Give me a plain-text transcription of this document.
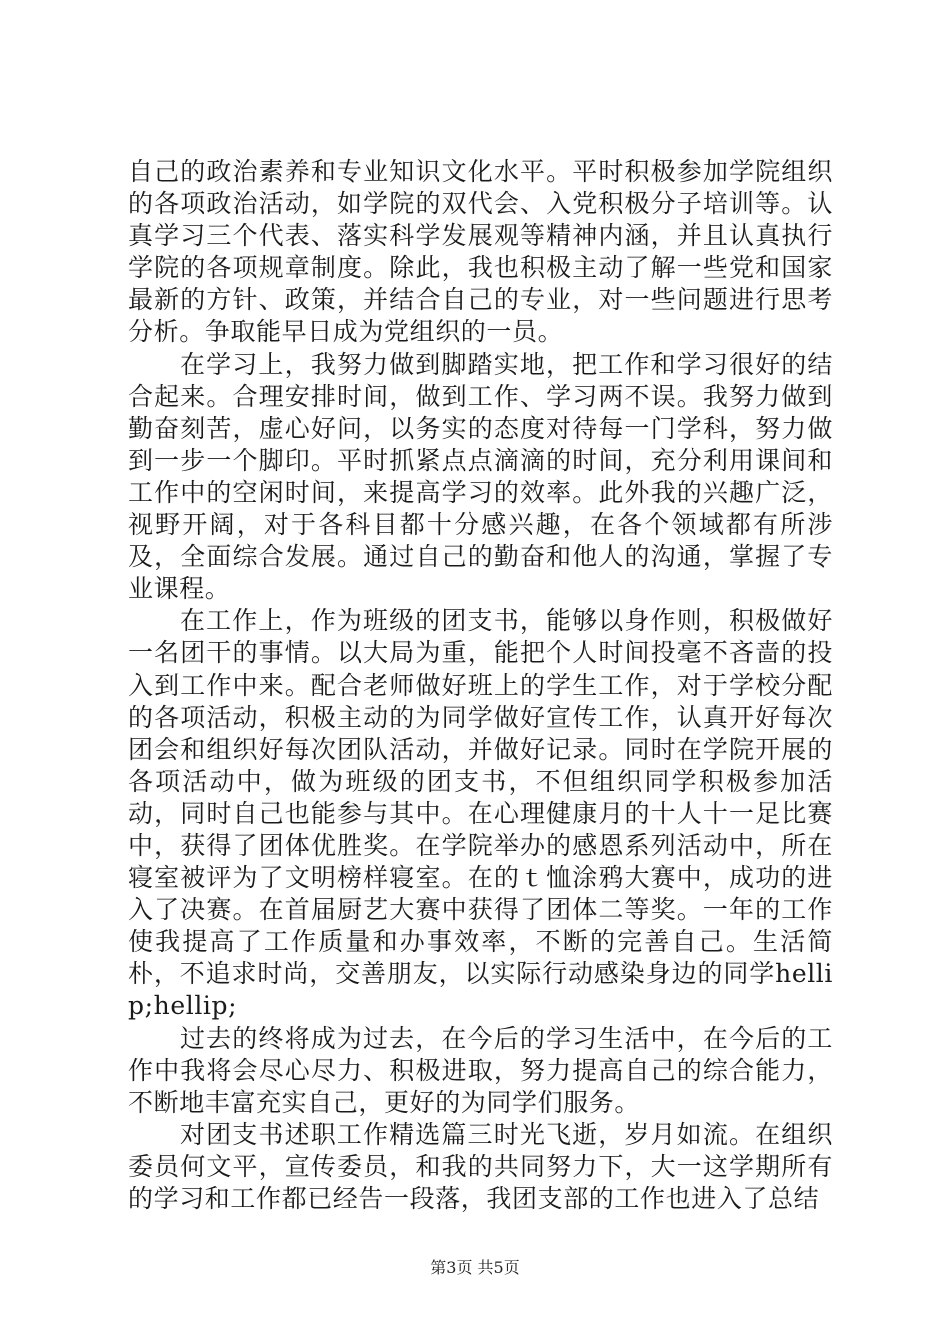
自己的政治素养和专业知识文化水平。平时积极参加学院组织的各项政治活动，如学院的双代会、入党积极分子培训等。认真学习三个代表、落实科学发展观等精神内涵，并且认真执行学院的各项规章制度。除此，我也积极主动了解一些党和国家最新的方针、政策，并结合自己的专业，对一些问题进行思考分析。争取能早日成为党组织的一员。

在学习上，我努力做到脚踏实地，把工作和学习很好的结合起来。合理安排时间，做到工作、学习两不误。我努力做到勤奋刻苦，虚心好问，以务实的态度对待每一门学科，努力做到一步一个脚印。平时抓紧点点滴滴的时间，充分利用课间和工作中的空闲时间，来提高学习的效率。此外我的兴趣广泛，视野开阔，对于各科目都十分感兴趣，在各个领域都有所涉及，全面综合发展。通过自己的勤奋和他人的沟通，掌握了专业课程。

在工作上，作为班级的团支书，能够以身作则，积极做好一名团干的事情。以大局为重，能把个人时间投毫不吝啬的投入到工作中来。配合老师做好班上的学生工作，对于学校分配的各项活动，积极主动的为同学做好宣传工作，认真开好每次团会和组织好每次团队活动，并做好记录。同时在学院开展的各项活动中，做为班级的团支书，不但组织同学积极参加活动，同时自己也能参与其中。在心理健康月的十人十一足比赛中，获得了团体优胜奖。在学院举办的感恩系列活动中，所在寝室被评为了文明榜样寝室。在的ｔ恤涂鸦大赛中，成功的进入了决赛。在首届厨艺大赛中获得了团体二等奖。一年的工作使我提高了工作质量和办事效率，不断的完善自己。生活简朴，不追求时尚，交善朋友，以实际行动感染身边的同学hellip;hellip;

过去的终将成为过去，在今后的学习生活中，在今后的工作中我将会尽心尽力、积极进取，努力提高自己的综合能力，不断地丰富充实自己，更好的为同学们服务。

对团支书述职工作精选篇三时光飞逝，岁月如流。在组织委员何文平，宣传委员，和我的共同努力下，大一这学期所有的学习和工作都已经告一段落，我团支部的工作也进入了总结

第3页 共5页
